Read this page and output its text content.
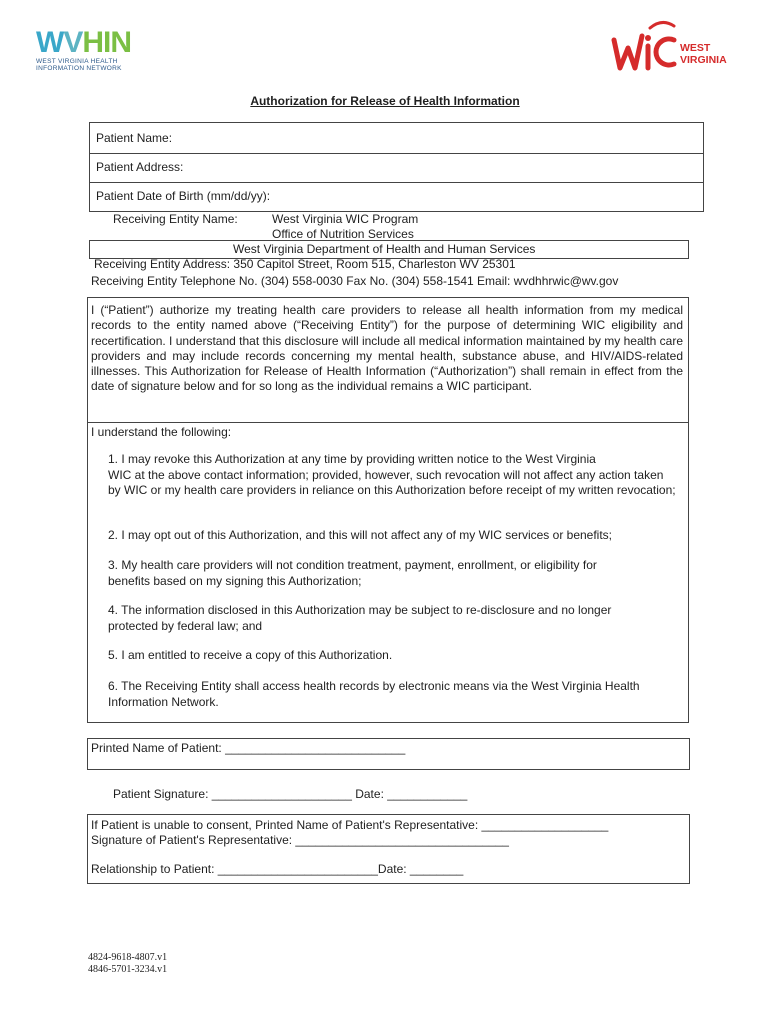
WVHIN
WEST VIRGINIA HEALTH
INFORMATION NETWORK
WEST VIRGINIA
Authorization for Release of Health Information
Patient Name:
Patient Address:
Patient Date of Birth (mm/dd/yy):
Receiving Entity Name:	West Virginia WIC Program
Office of Nutrition Services
West Virginia Department of Health and Human Services
Receiving Entity Address: 350 Capitol Street, Room 515, Charleston WV 25301
Receiving Entity Telephone No. (304) 558-0030 Fax No. (304) 558-1541 Email: wvdhhrwic@wv.gov
I (“Patient”) authorize my treating health care providers to release all health information from my medical records to the entity named above (“Receiving Entity”) for the purpose of determining WIC eligibility and recertification. I understand that this disclosure will include all medical information maintained by my health care providers and may include records concerning my mental health, substance abuse, and HIV/AIDS-related illnesses. This Authorization for Release of Health Information (“Authorization”) shall remain in effect from the date of signature below and for so long as the individual remains a WIC participant.
I understand the following:
1. I may revoke this Authorization at any time by providing written notice to the West Virginia
WIC at the above contact information; provided, however, such revocation will not affect any action taken by WIC or my health care providers in reliance on this Authorization before receipt of my written revocation;
2. I may opt out of this Authorization, and this will not affect any of my WIC services or benefits;
3. My health care providers will not condition treatment, payment, enrollment, or eligibility for
benefits based on my signing this Authorization;
4. The information disclosed in this Authorization may be subject to re-disclosure and no longer
protected by federal law; and
5. I am entitled to receive a copy of this Authorization.
6. The Receiving Entity shall access health records by electronic means via the West Virginia Health
Information Network.
Printed Name of Patient: ___________________________
Patient Signature: _____________________ Date: ____________
If Patient is unable to consent, Printed Name of Patient's Representative: ___________________
Signature of Patient's Representative: ________________________________
Relationship to Patient: ________________________Date: ________
4824-9618-4807.v1
4846-5701-3234.v1
